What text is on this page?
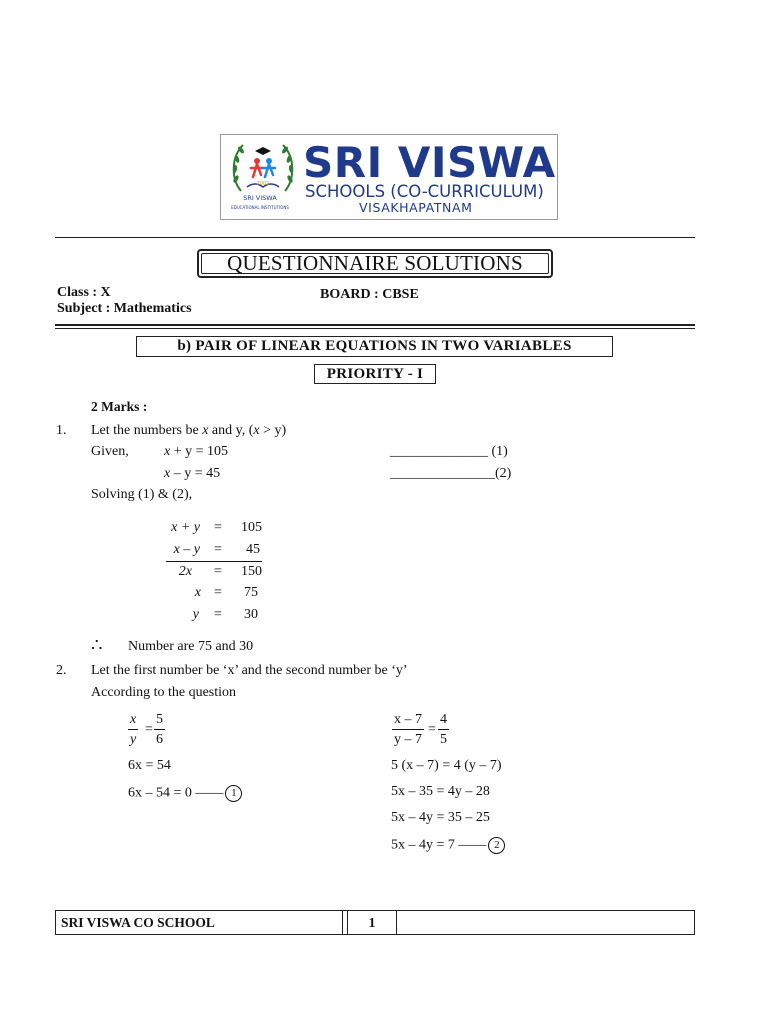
2002
SRI VISWA
EDUCATIONAL INSTITUTIONS
SRI VISWA
SCHOOLS (CO-CURRICULUM)
VISAKHAPATNAM
QUESTIONNAIRE SOLUTIONS
Class : X	BOARD : CBSE
Subject : Mathematics
b) PAIR OF LINEAR EQUATIONS IN TWO VARIABLES
PRIORITY - I
2 Marks :
1. Let the numbers be x and y, (x > y)
Given,	x + y = 105	______________ (1)
x – y = 45	_______________(2)
Solving (1) & (2),
x + y =	105
x – y =	45
2x =	150
x =	75
y =	30
∴ Number are 75 and 30
2. Let the first number be ‘x’ and the second number be ‘y’
According to the question
x
y
=
5
6
6x = 54
6x – 54 = 0 —— 1
x – 7
y – 7
=
4
5
5 (x – 7) = 4 (y – 7)
5x – 35 = 4y – 28
5x – 4y = 35 – 25
5x – 4y = 7 —— 2
SRI VISWA CO SCHOOL	1
